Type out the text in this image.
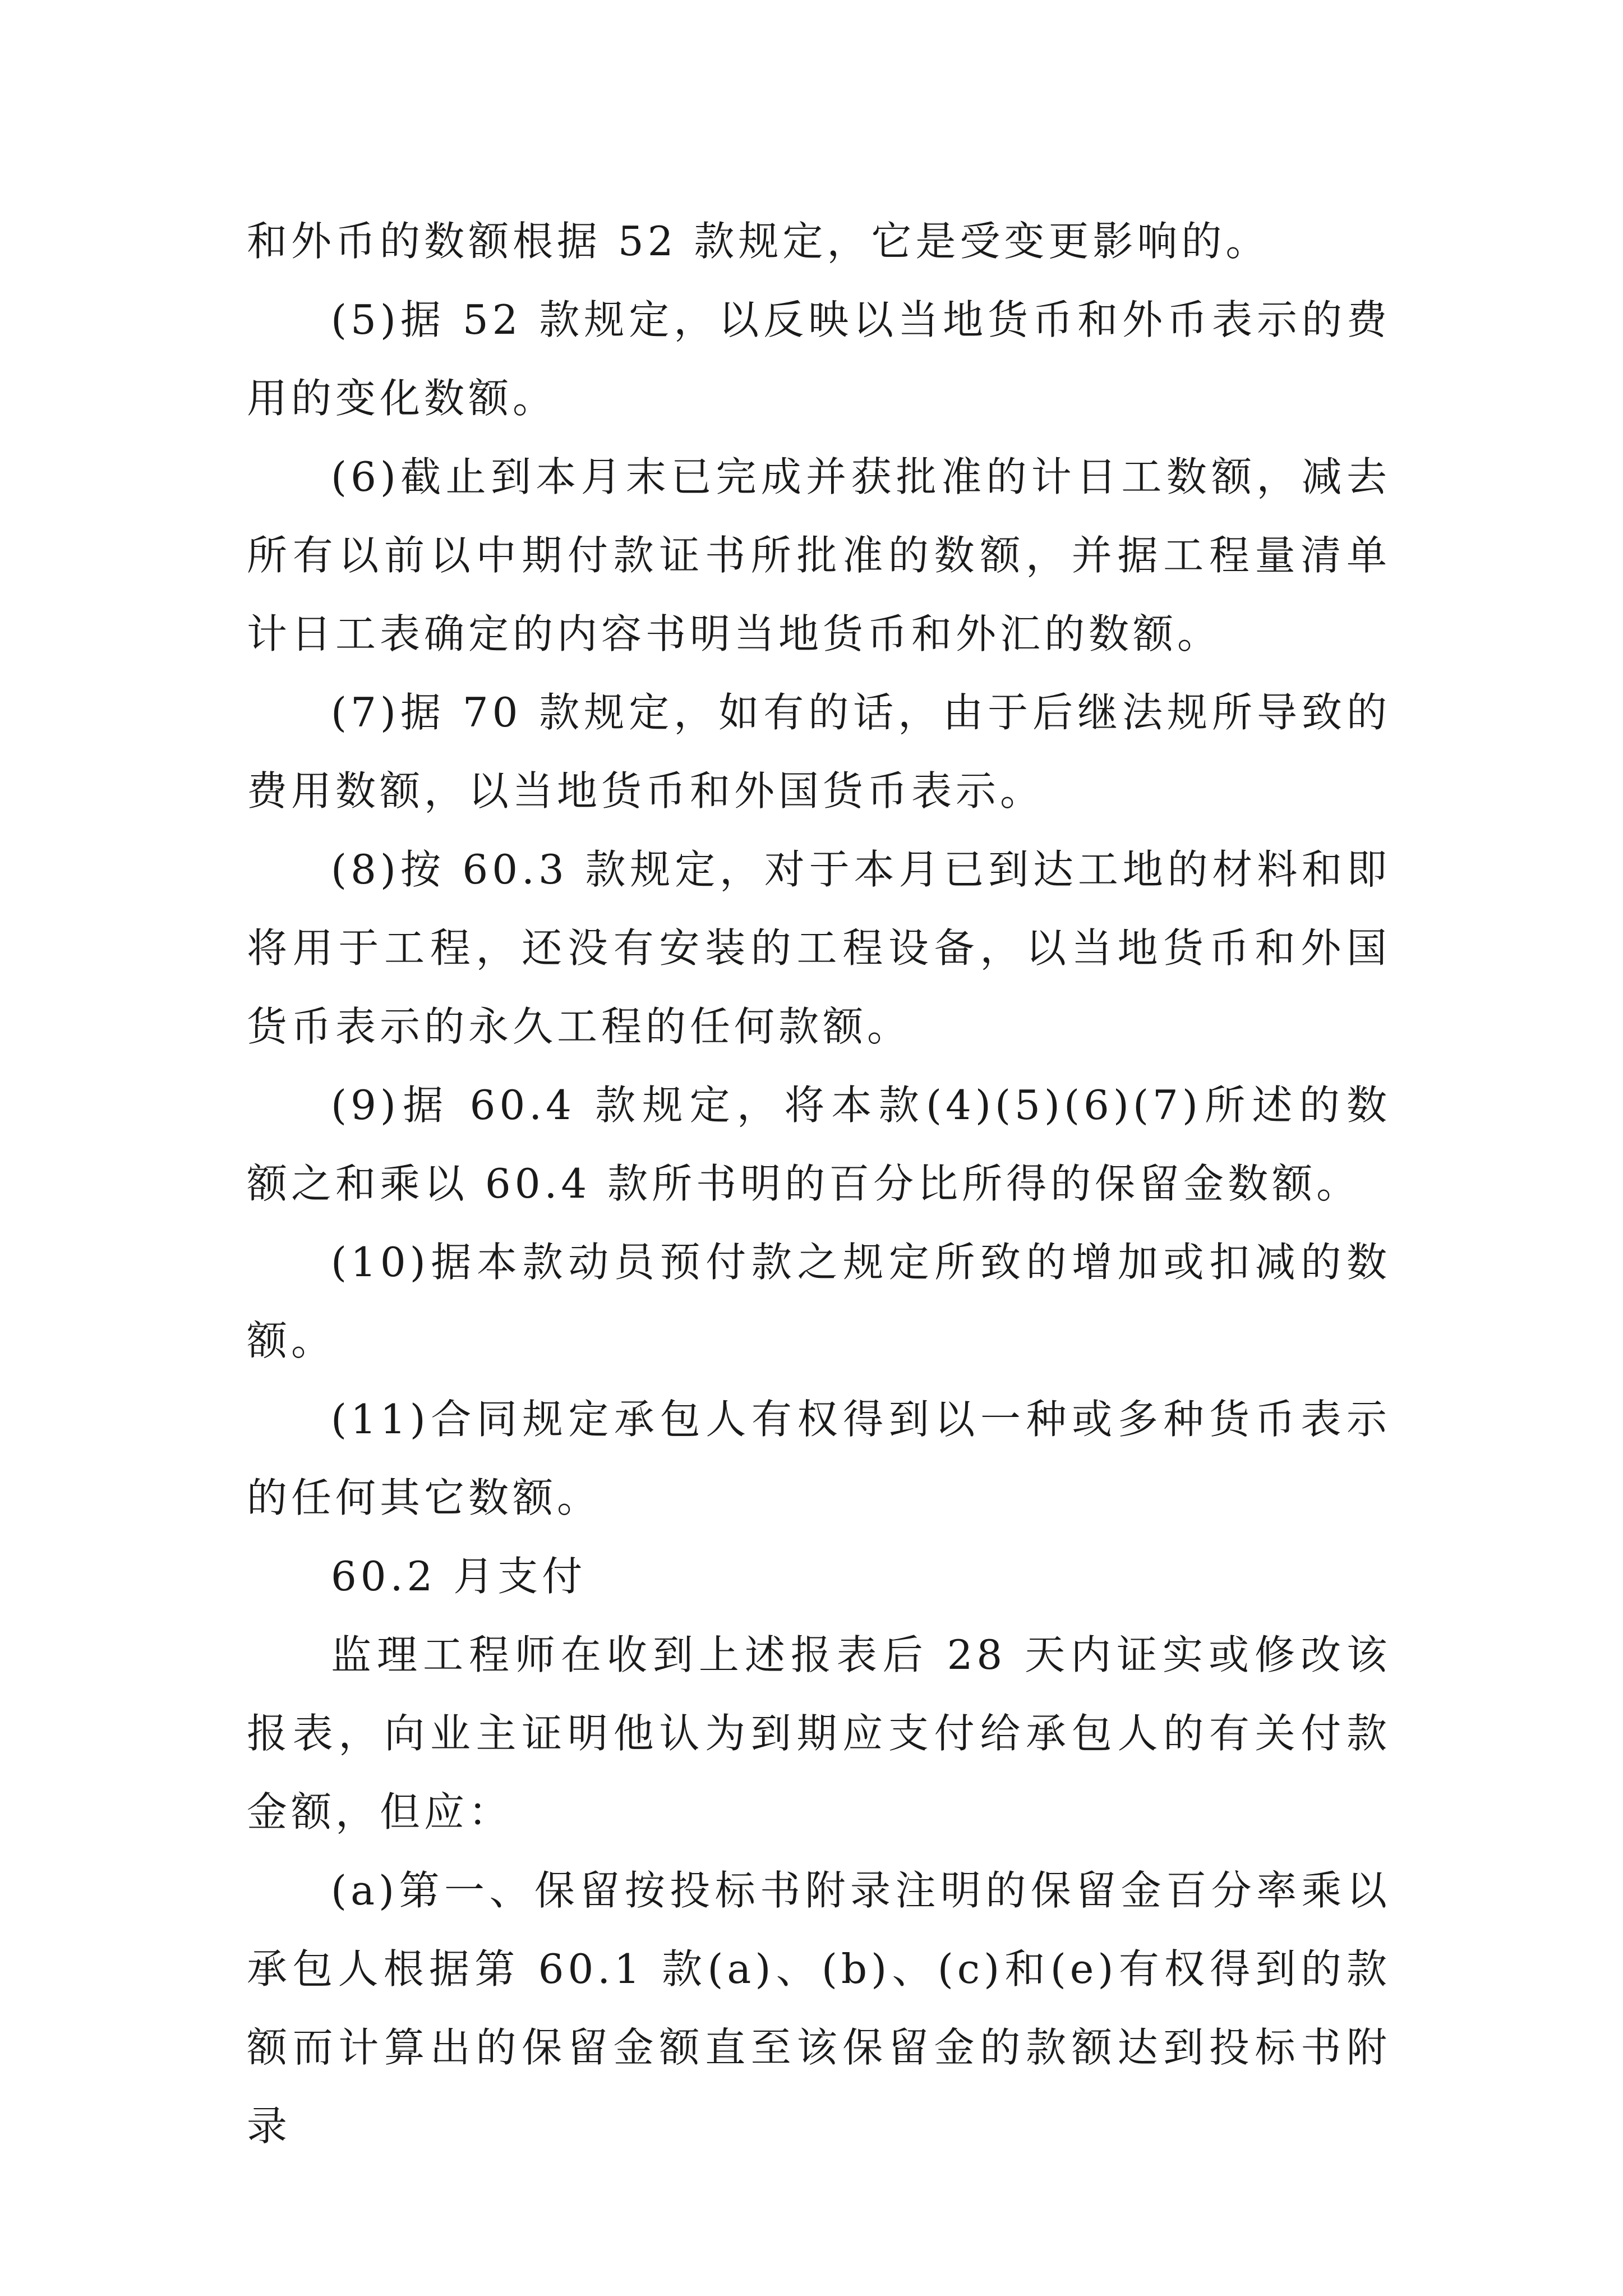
和外币的数额根据 52 款规定，它是受变更影响的。

(5)据 52 款规定，以反映以当地货币和外币表示的费用的变化数额。

(6)截止到本月末已完成并获批准的计日工数额，减去所有以前以中期付款证书所批准的数额，并据工程量清单计日工表确定的内容书明当地货币和外汇的数额。

(7)据 70 款规定，如有的话，由于后继法规所导致的费用数额，以当地货币和外国货币表示。

(8)按 60.3 款规定，对于本月已到达工地的材料和即将用于工程，还没有安装的工程设备，以当地货币和外国货币表示的永久工程的任何款额。

(9)据 60.4 款规定，将本款(4)(5)(6)(7)所述的数额之和乘以 60.4 款所书明的百分比所得的保留金数额。

(10)据本款动员预付款之规定所致的增加或扣减的数额。

(11)合同规定承包人有权得到以一种或多种货币表示的任何其它数额。

60.2 月支付

监理工程师在收到上述报表后 28 天内证实或修改该报表，向业主证明他认为到期应支付给承包人的有关付款金额，但应：

(a)第一、保留按投标书附录注明的保留金百分率乘以承包人根据第 60.1 款(a)、(b)、(c)和(e)有权得到的款额而计算出的保留金额直至该保留金的款额达到投标书附录
